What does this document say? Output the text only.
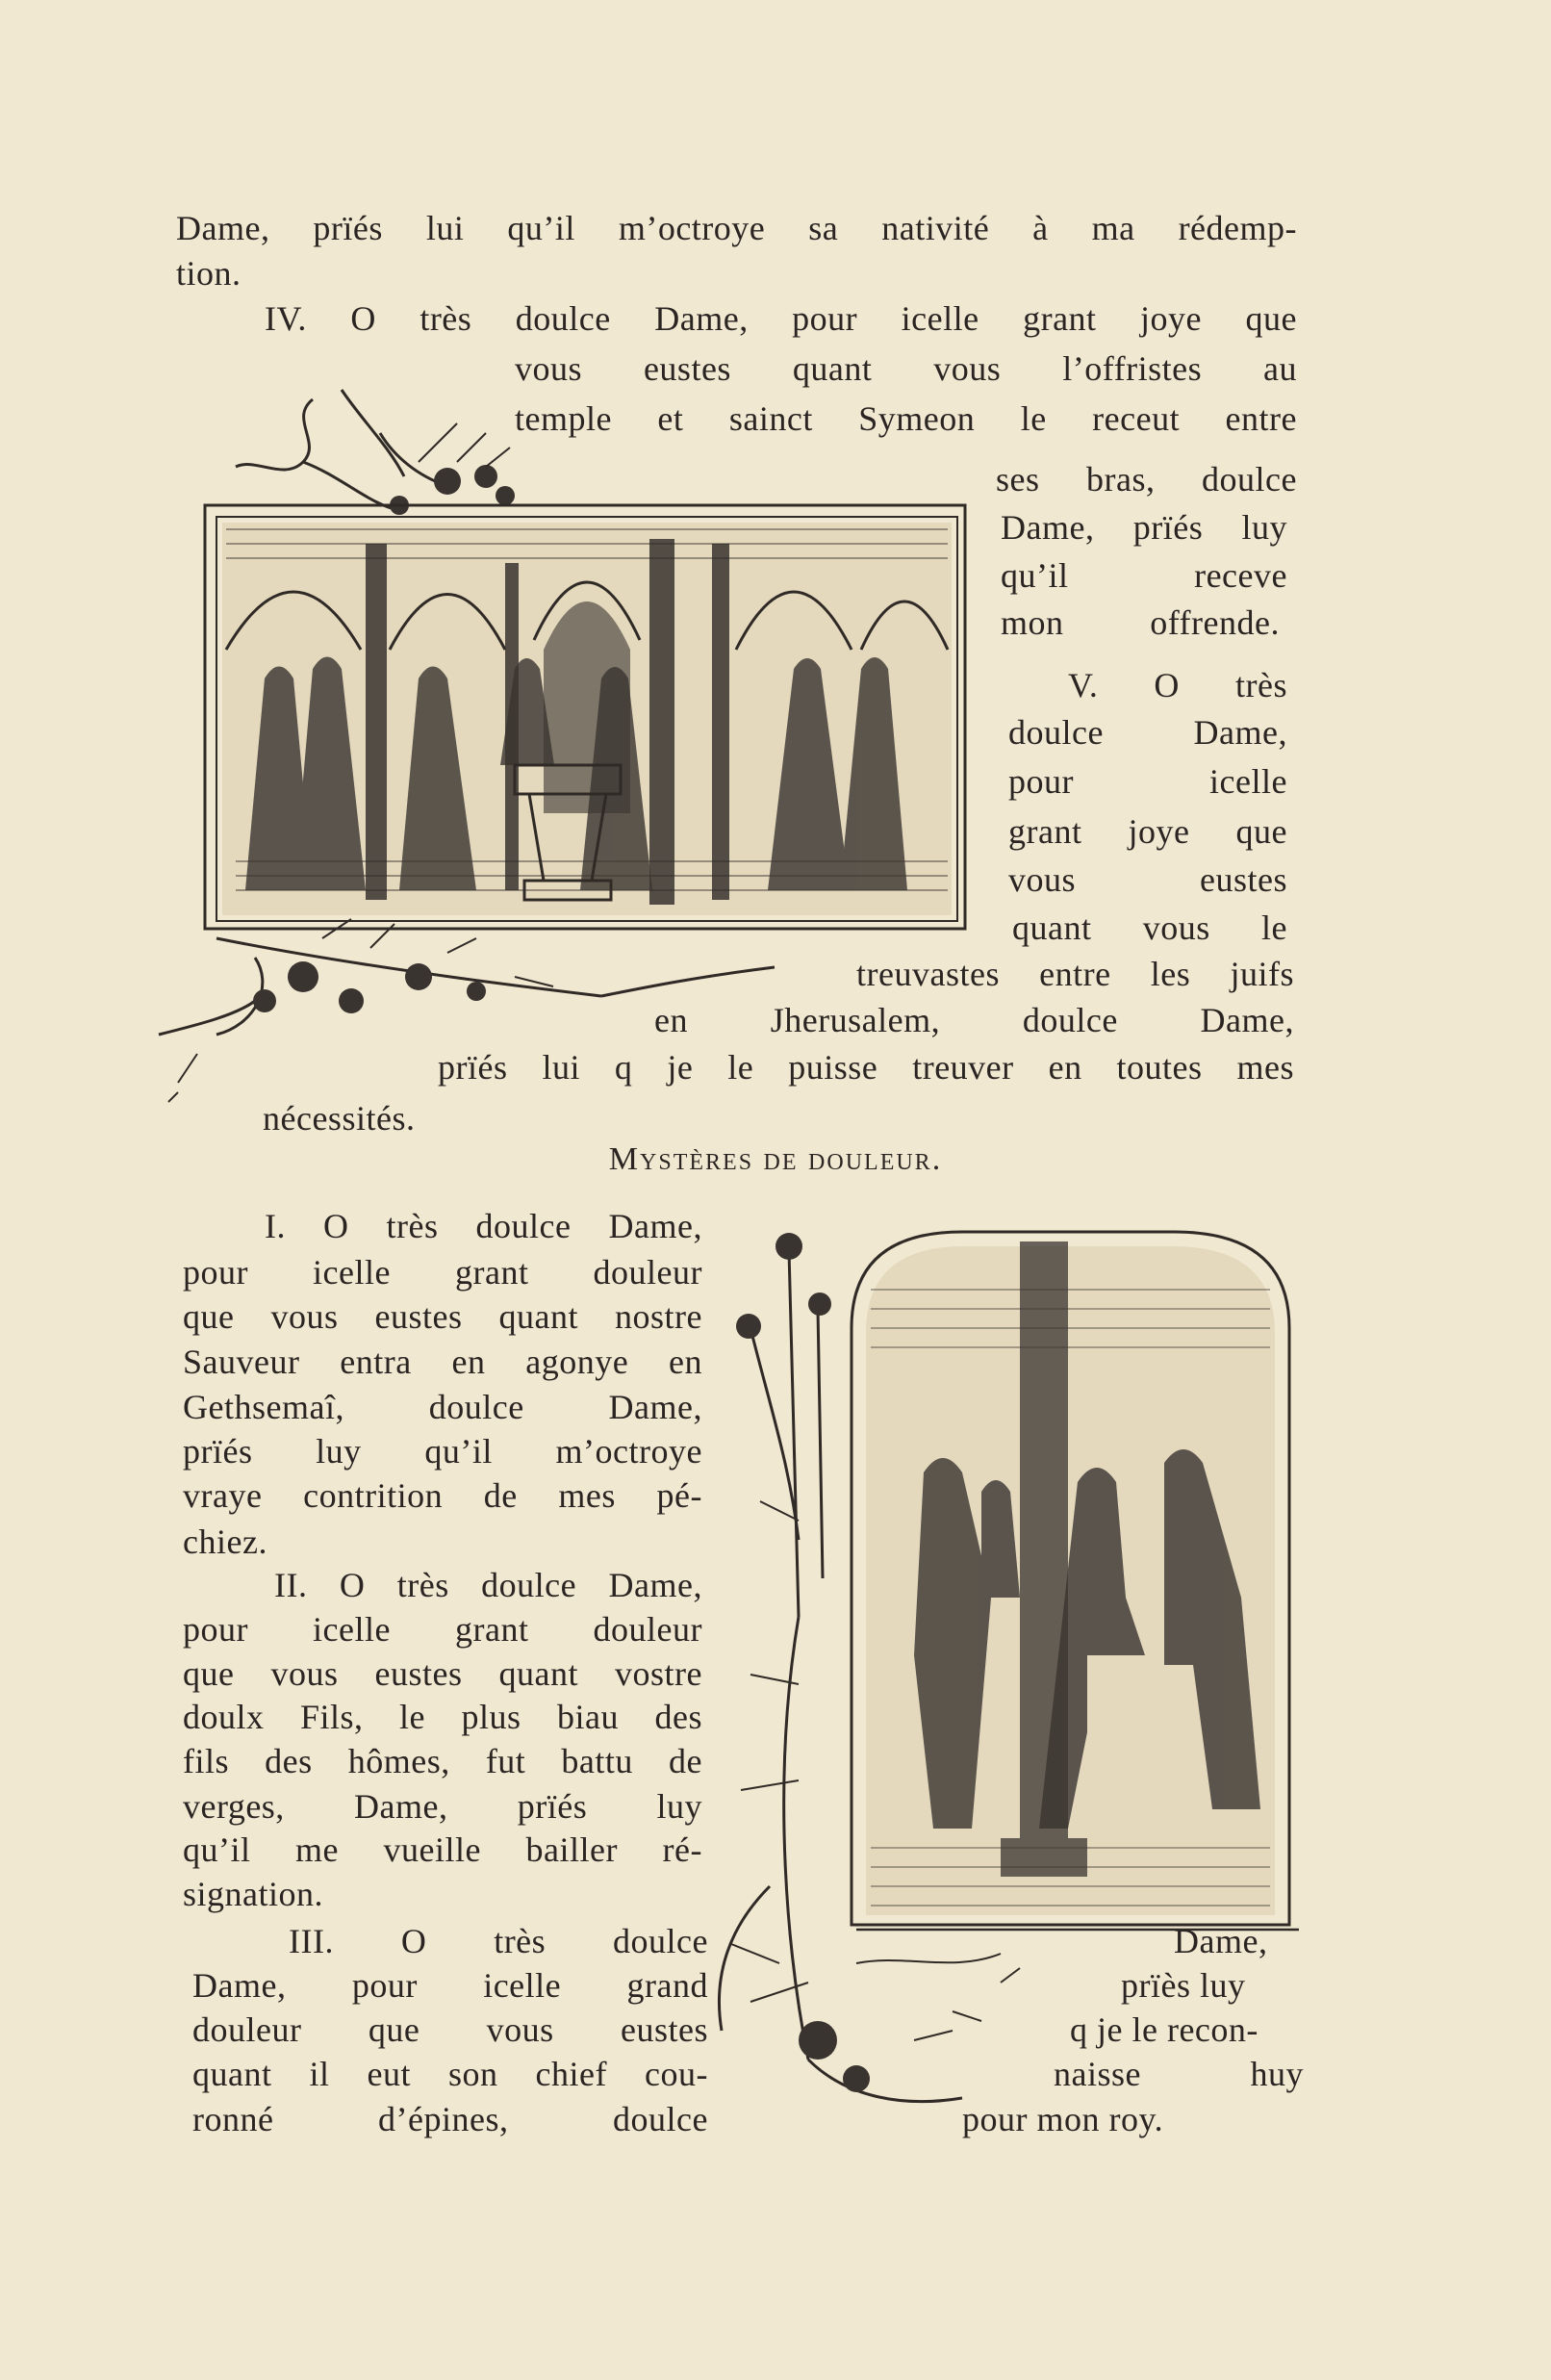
Dame, prïés lui qu’il m’octroye sa nativité à ma rédemp-
tion.
IV. O très doulce Dame, pour icelle grant joye que
vous eustes quant vous l’offristes au
temple et sainct Symeon le receut entre
ses bras, doulce
Dame, prïés luy
qu’il receve
mon offrende.
V. O très
doulce Dame,
pour icelle
grant joye que
vous eustes
quant vous le
treuvastes entre les juifs
en Jherusalem, doulce Dame,
prïés lui q je le puisse treuver en toutes mes
nécessités.
Mystères de douleur.
I. O très doulce Dame,
pour icelle grant douleur
que vous eustes quant nostre
Sauveur entra en agonye en
Gethsemaî, doulce Dame,
prïés luy qu’il m’octroye
vraye contrition de mes pé-
chiez.
II. O très doulce Dame,
pour icelle grant douleur
que vous eustes quant vostre
doulx Fils, le plus biau des
fils des hômes, fut battu de
verges, Dame, prïés luy
qu’il me vueille bailler ré-
signation.
III. O très doulce
Dame, pour icelle grand
douleur que vous eustes
quant il eut son chief cou-
ronné d’épines, doulce
Dame,
prïès luy
q je le recon-
naisse huy
pour mon roy.
